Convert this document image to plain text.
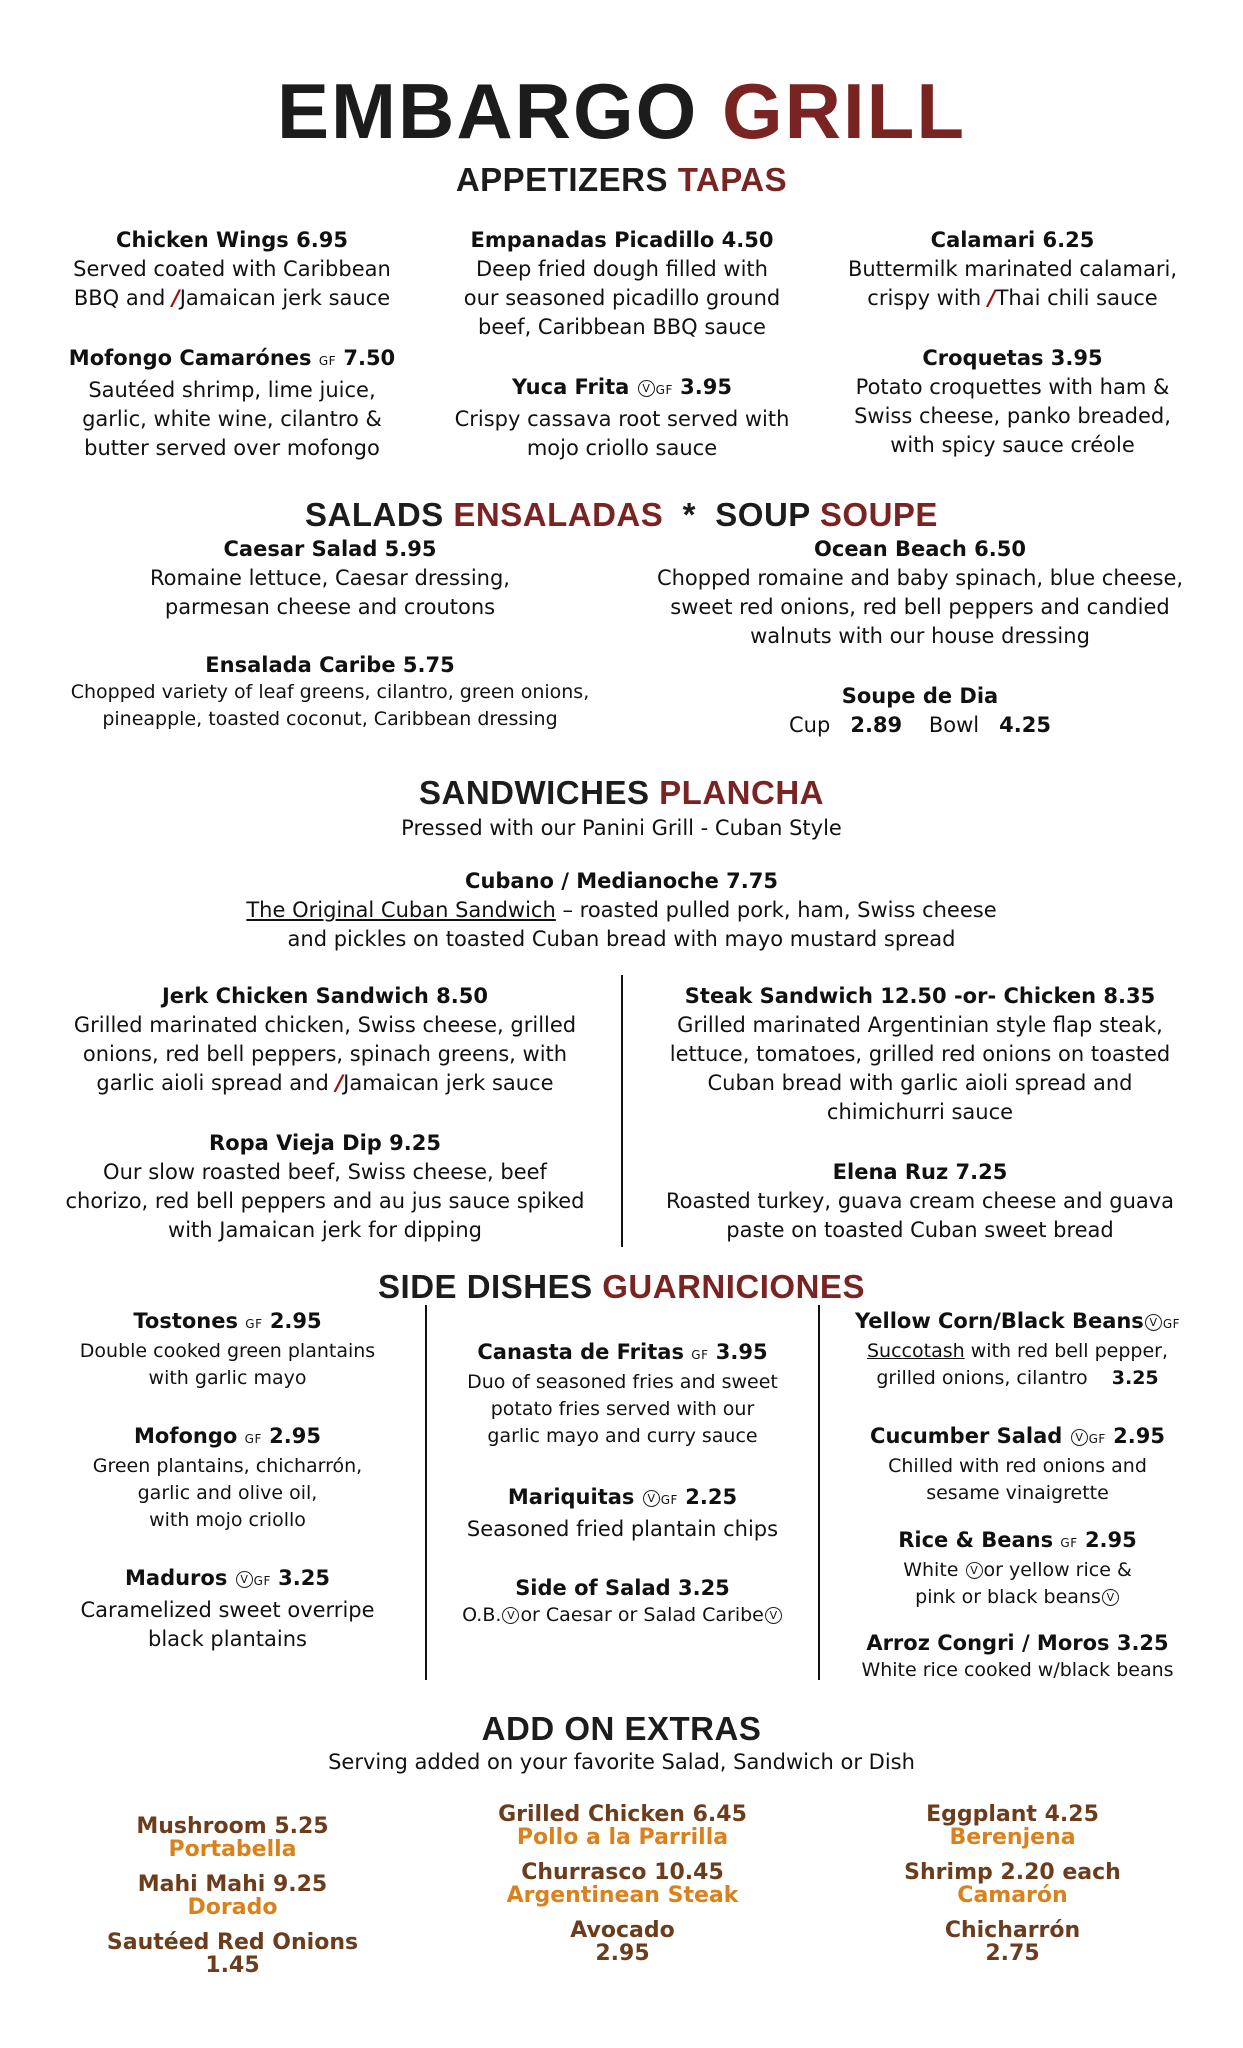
EMBARGO GRILL
APPETIZERS TAPAS
Chicken Wings 6.95
Served coated with Caribbean
BBQ and /Jamaican jerk sauce
Empanadas Picadillo 4.50
Deep fried dough filled with
our seasoned picadillo ground
beef, Caribbean BBQ sauce
Calamari 6.25
Buttermilk marinated calamari,
crispy with /Thai chili sauce
Mofongo Camarónes GF 7.50
Sautéed shrimp, lime juice,
garlic, white wine, cilantro &
butter served over mofongo
Yuca Frita V GF 3.95
Crispy cassava root served with
mojo criollo sauce
Croquetas 3.95
Potato croquettes with ham &
Swiss cheese, panko breaded,
with spicy sauce créole
SALADS ENSALADAS * SOUP SOUPE
Caesar Salad 5.95
Romaine lettuce, Caesar dressing,
parmesan cheese and croutons
Ocean Beach 6.50
Chopped romaine and baby spinach, blue cheese,
sweet red onions, red bell peppers and candied
walnuts with our house dressing
Ensalada Caribe 5.75
Chopped variety of leaf greens, cilantro, green onions,
pineapple, toasted coconut, Caribbean dressing
Soupe de Dia
Cup 2.89 Bowl 4.25
SANDWICHES PLANCHA
Pressed with our Panini Grill - Cuban Style
Cubano / Medianoche 7.75
The Original Cuban Sandwich – roasted pulled pork, ham, Swiss cheese
and pickles on toasted Cuban bread with mayo mustard spread
Jerk Chicken Sandwich 8.50
Grilled marinated chicken, Swiss cheese, grilled
onions, red bell peppers, spinach greens, with
garlic aioli spread and /Jamaican jerk sauce
Steak Sandwich 12.50 -or- Chicken 8.35
Grilled marinated Argentinian style flap steak,
lettuce, tomatoes, grilled red onions on toasted
Cuban bread with garlic aioli spread and
chimichurri sauce
Ropa Vieja Dip 9.25
Our slow roasted beef, Swiss cheese, beef
chorizo, red bell peppers and au jus sauce spiked
with Jamaican jerk for dipping
Elena Ruz 7.25
Roasted turkey, guava cream cheese and guava
paste on toasted Cuban sweet bread
SIDE DISHES GUARNICIONES
Tostones GF 2.95
Double cooked green plantains
with garlic mayo
Mofongo GF 2.95
Green plantains, chicharrón,
garlic and olive oil,
with mojo criollo
Maduros V GF 3.25
Caramelized sweet overripe
black plantains
Canasta de Fritas GF 3.95
Duo of seasoned fries and sweet
potato fries served with our
garlic mayo and curry sauce
Mariquitas V GF 2.25
Seasoned fried plantain chips
Side of Salad 3.25
O.B. V or Caesar or Salad Caribe V
Yellow Corn/Black Beans V GF
Succotash with red bell pepper,
grilled onions, cilantro 3.25
Cucumber Salad V GF 2.95
Chilled with red onions and
sesame vinaigrette
Rice & Beans GF 2.95
White V or yellow rice &
pink or black beans V
Arroz Congri / Moros 3.25
White rice cooked w/black beans
ADD ON EXTRAS
Serving added on your favorite Salad, Sandwich or Dish
Mushroom 5.25
Portabella
Mahi Mahi 9.25
Dorado
Sautéed Red Onions
1.45
Grilled Chicken 6.45
Pollo a la Parrilla
Churrasco 10.45
Argentinean Steak
Avocado
2.95
Eggplant 4.25
Berenjena
Shrimp 2.20 each
Camarón
Chicharrón
2.75
